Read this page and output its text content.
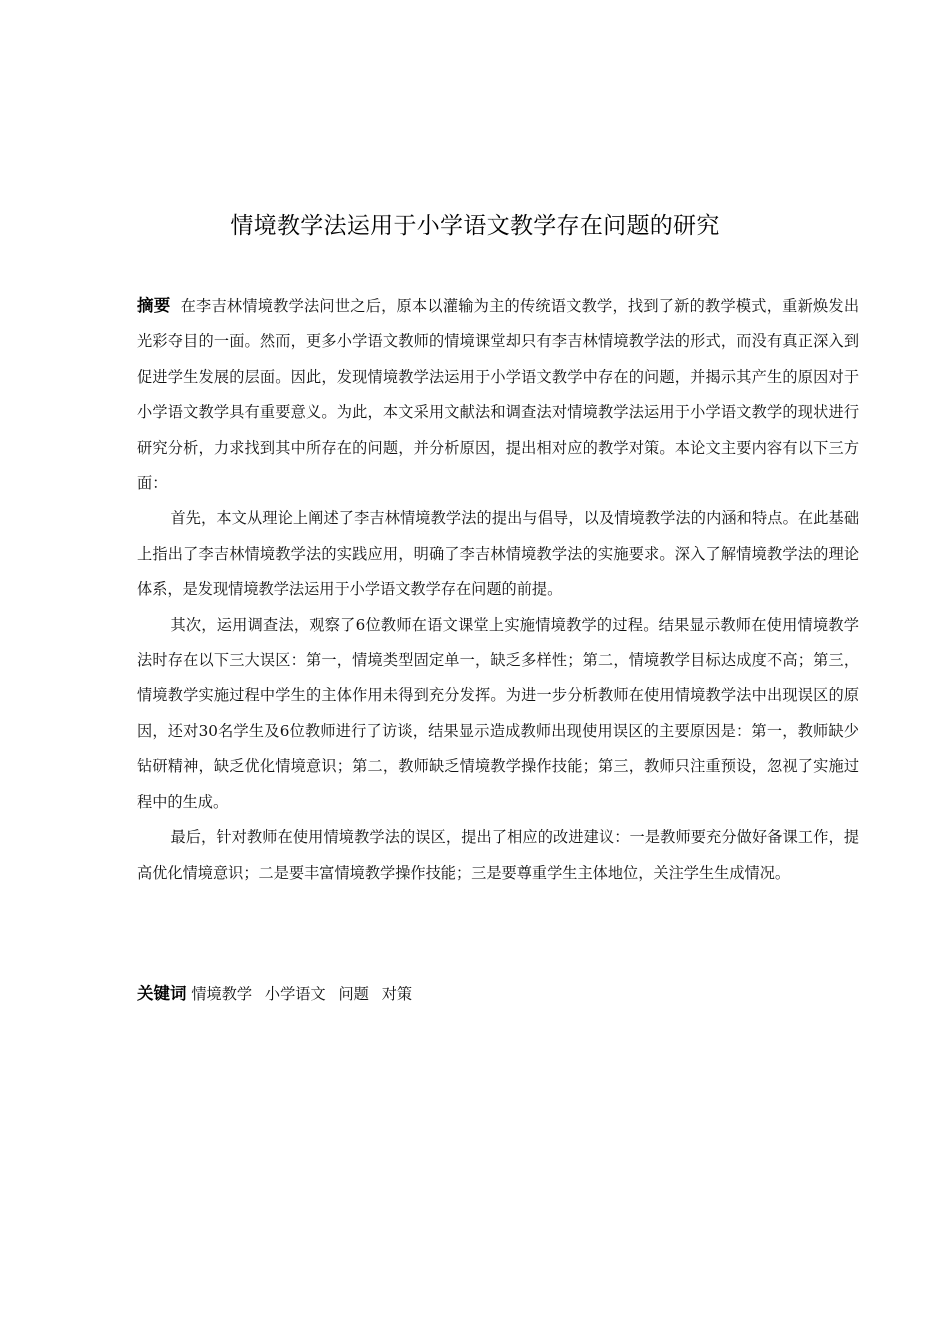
情境教学法运用于小学语文教学存在问题的研究

摘要 在李吉林情境教学法问世之后，原本以灌输为主的传统语文教学，找到了新的教学模式，重新焕发出光彩夺目的一面。然而，更多小学语文教师的情境课堂却只有李吉林情境教学法的形式，而没有真正深入到促进学生发展的层面。因此，发现情境教学法运用于小学语文教学中存在的问题，并揭示其产生的原因对于小学语文教学具有重要意义。为此，本文采用文献法和调查法对情境教学法运用于小学语文教学的现状进行研究分析，力求找到其中所存在的问题，并分析原因，提出相对应的教学对策。本论文主要内容有以下三方面：

首先，本文从理论上阐述了李吉林情境教学法的提出与倡导，以及情境教学法的内涵和特点。在此基础上指出了李吉林情境教学法的实践应用，明确了李吉林情境教学法的实施要求。深入了解情境教学法的理论体系，是发现情境教学法运用于小学语文教学存在问题的前提。

其次，运用调查法，观察了6位教师在语文课堂上实施情境教学的过程。结果显示教师在使用情境教学法时存在以下三大误区：第一，情境类型固定单一，缺乏多样性；第二，情境教学目标达成度不高；第三，情境教学实施过程中学生的主体作用未得到充分发挥。为进一步分析教师在使用情境教学法中出现误区的原因，还对30名学生及6位教师进行了访谈，结果显示造成教师出现使用误区的主要原因是：第一，教师缺少钻研精神，缺乏优化情境意识；第二，教师缺乏情境教学操作技能；第三，教师只注重预设，忽视了实施过程中的生成。

最后，针对教师在使用情境教学法的误区，提出了相应的改进建议：一是教师要充分做好备课工作，提高优化情境意识；二是要丰富情境教学操作技能；三是要尊重学生主体地位，关注学生生成情况。

关键词 情境教学 小学语文 问题 对策
